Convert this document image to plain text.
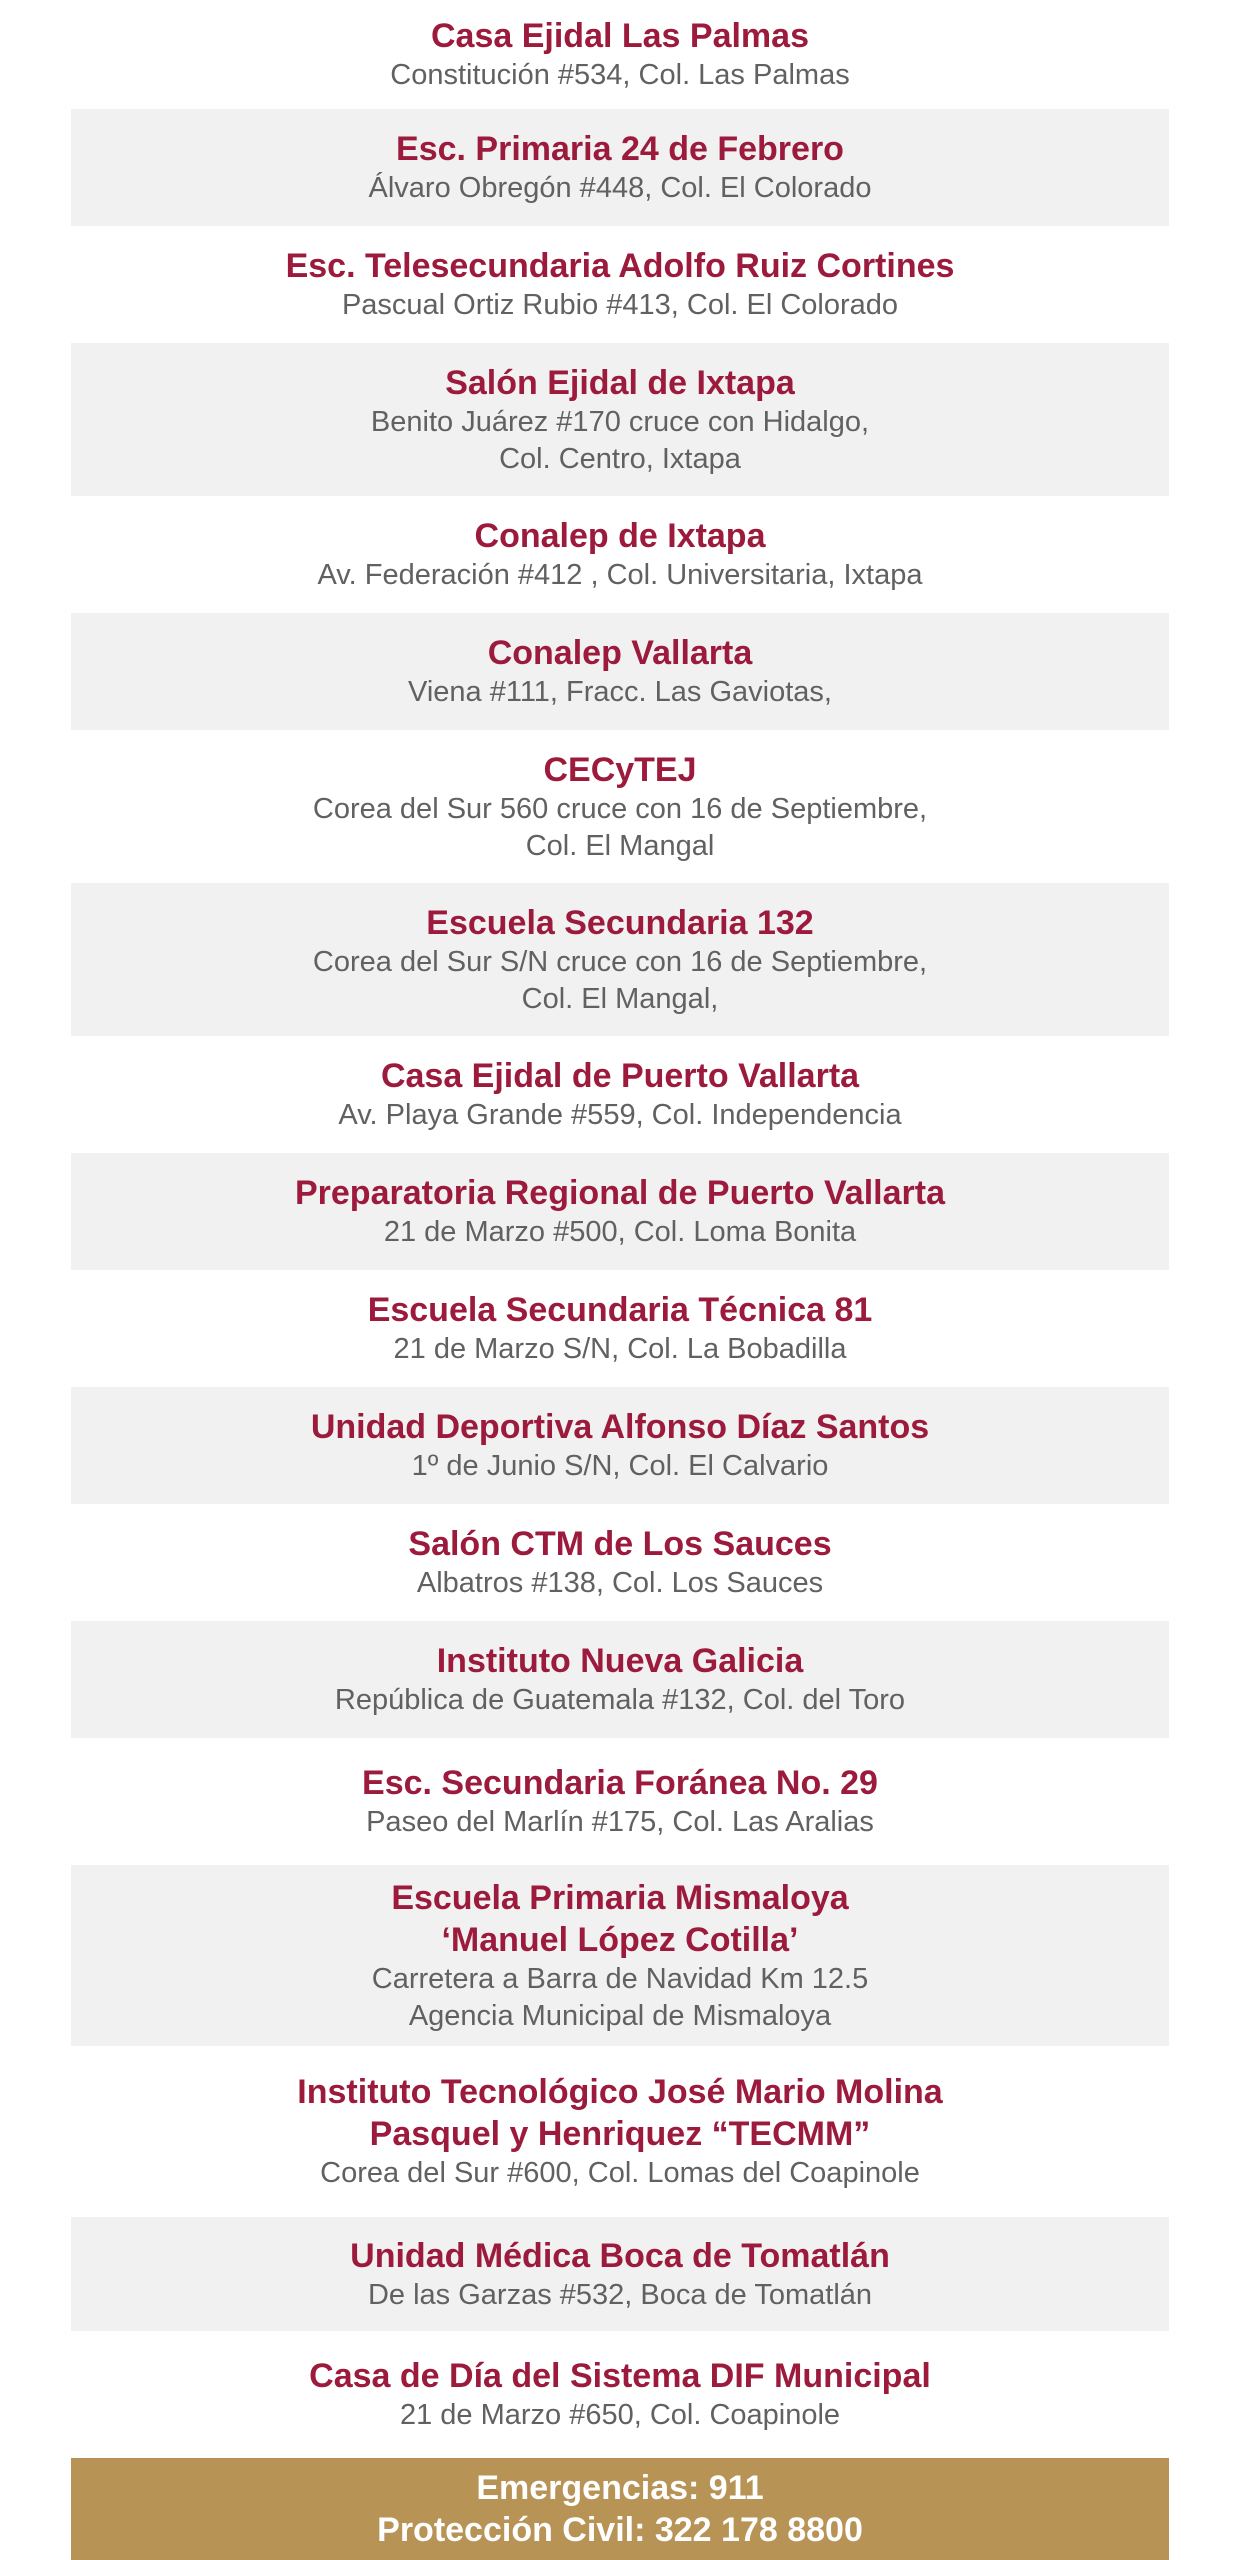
Casa Ejidal Las Palmas
Constitución #534, Col. Las Palmas
Esc. Primaria 24 de Febrero
Álvaro Obregón #448, Col. El Colorado
Esc. Telesecundaria Adolfo Ruiz Cortines
Pascual Ortiz Rubio #413, Col. El Colorado
Salón Ejidal de Ixtapa
Benito Juárez #170 cruce con Hidalgo,
Col. Centro, Ixtapa
Conalep de Ixtapa
Av. Federación #412 , Col. Universitaria, Ixtapa
Conalep Vallarta
Viena #111, Fracc. Las Gaviotas,
CECyTEJ
Corea del Sur 560 cruce con 16 de Septiembre,
Col. El Mangal
Escuela Secundaria 132
Corea del Sur S/N cruce con 16 de Septiembre,
Col. El Mangal,
Casa Ejidal de Puerto Vallarta
Av. Playa Grande #559, Col. Independencia
Preparatoria Regional de Puerto Vallarta
21 de Marzo #500, Col. Loma Bonita
Escuela Secundaria Técnica 81
21 de Marzo S/N, Col. La Bobadilla
Unidad Deportiva Alfonso Díaz Santos
1º de Junio S/N, Col. El Calvario
Salón CTM de Los Sauces
Albatros #138, Col. Los Sauces
Instituto Nueva Galicia
República de Guatemala #132, Col. del Toro
Esc. Secundaria Foránea No. 29
Paseo del Marlín #175, Col. Las Aralias
Escuela Primaria Mismaloya
‘Manuel López Cotilla’
Carretera a Barra de Navidad Km 12.5
Agencia Municipal de Mismaloya
Instituto Tecnológico José Mario Molina
Pasquel y Henriquez “TECMM”
Corea del Sur #600, Col. Lomas del Coapinole
Unidad Médica Boca de Tomatlán
De las Garzas #532, Boca de Tomatlán
Casa de Día del Sistema DIF Municipal
21 de Marzo #650, Col. Coapinole
Emergencias: 911
Protección Civil: 322 178 8800
